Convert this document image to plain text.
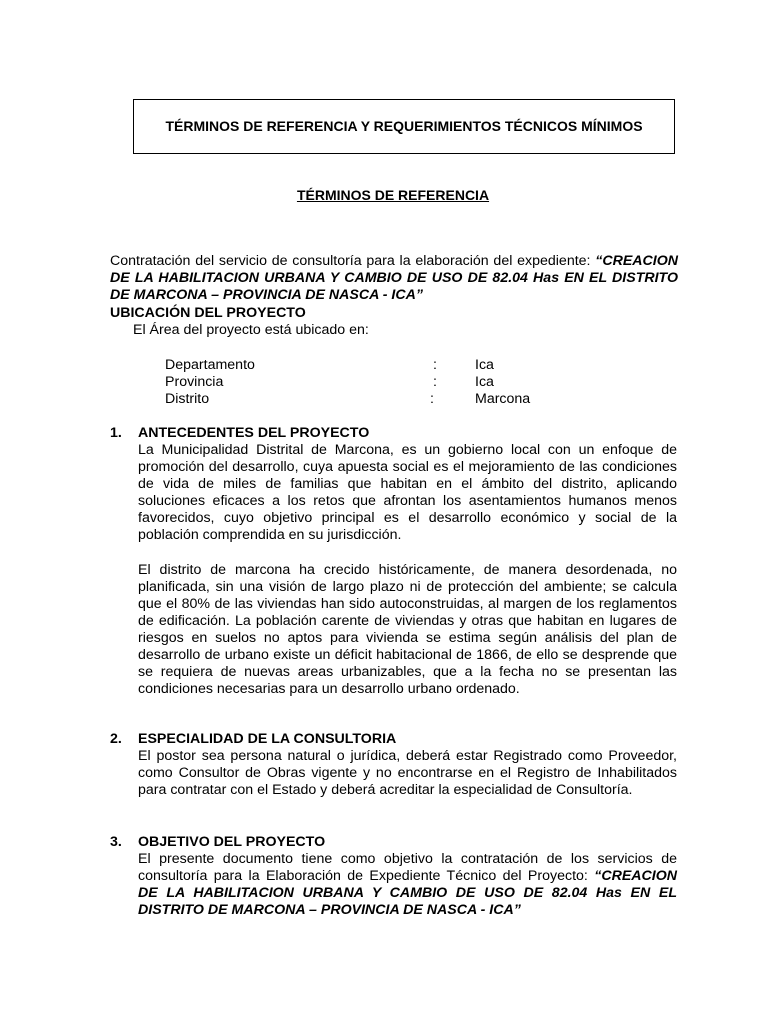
TÉRMINOS DE REFERENCIA Y REQUERIMIENTOS TÉCNICOS MÍNIMOS
TÉRMINOS DE REFERENCIA
Contratación del servicio de consultoría para la elaboración del expediente: “CREACION DE LA HABILITACION URBANA Y CAMBIO DE USO DE 82.04 Has EN EL DISTRITO DE MARCONA – PROVINCIA DE NASCA - ICA”
UBICACIÓN DEL PROYECTO
El Área del proyecto está ubicado en:
Departamento	:	Ica
Provincia	:	Ica
Distrito	:	Marcona
1. ANTECEDENTES DEL PROYECTO
La Municipalidad Distrital de Marcona, es un gobierno local con un enfoque de promoción del desarrollo, cuya apuesta social es el mejoramiento de las condiciones de vida de miles de familias que habitan en el ámbito del distrito, aplicando soluciones eficaces a los retos que afrontan los asentamientos humanos menos favorecidos, cuyo objetivo principal es el desarrollo económico y social de la población comprendida en su jurisdicción.
El distrito de marcona ha crecido históricamente, de manera desordenada, no planificada, sin una visión de largo plazo ni de protección del ambiente; se calcula que el 80% de las viviendas han sido autoconstruidas, al margen de los reglamentos de edificación. La población carente de viviendas y otras que habitan en lugares de riesgos en suelos no aptos para vivienda se estima según análisis del plan de desarrollo de urbano existe un déficit habitacional de 1866, de ello se desprende que se requiera de nuevas areas urbanizables, que a la fecha no se presentan las condiciones necesarias para un desarrollo urbano ordenado.
2. ESPECIALIDAD DE LA CONSULTORIA
El postor sea persona natural o jurídica, deberá estar Registrado como Proveedor, como Consultor de Obras vigente y no encontrarse en el Registro de Inhabilitados para contratar con el Estado y deberá acreditar la especialidad de Consultoría.
3. OBJETIVO DEL PROYECTO
El presente documento tiene como objetivo la contratación de los servicios de consultoría para la Elaboración de Expediente Técnico del Proyecto: “CREACION DE LA HABILITACION URBANA Y CAMBIO DE USO DE 82.04 Has EN EL DISTRITO DE MARCONA – PROVINCIA DE NASCA - ICA”
